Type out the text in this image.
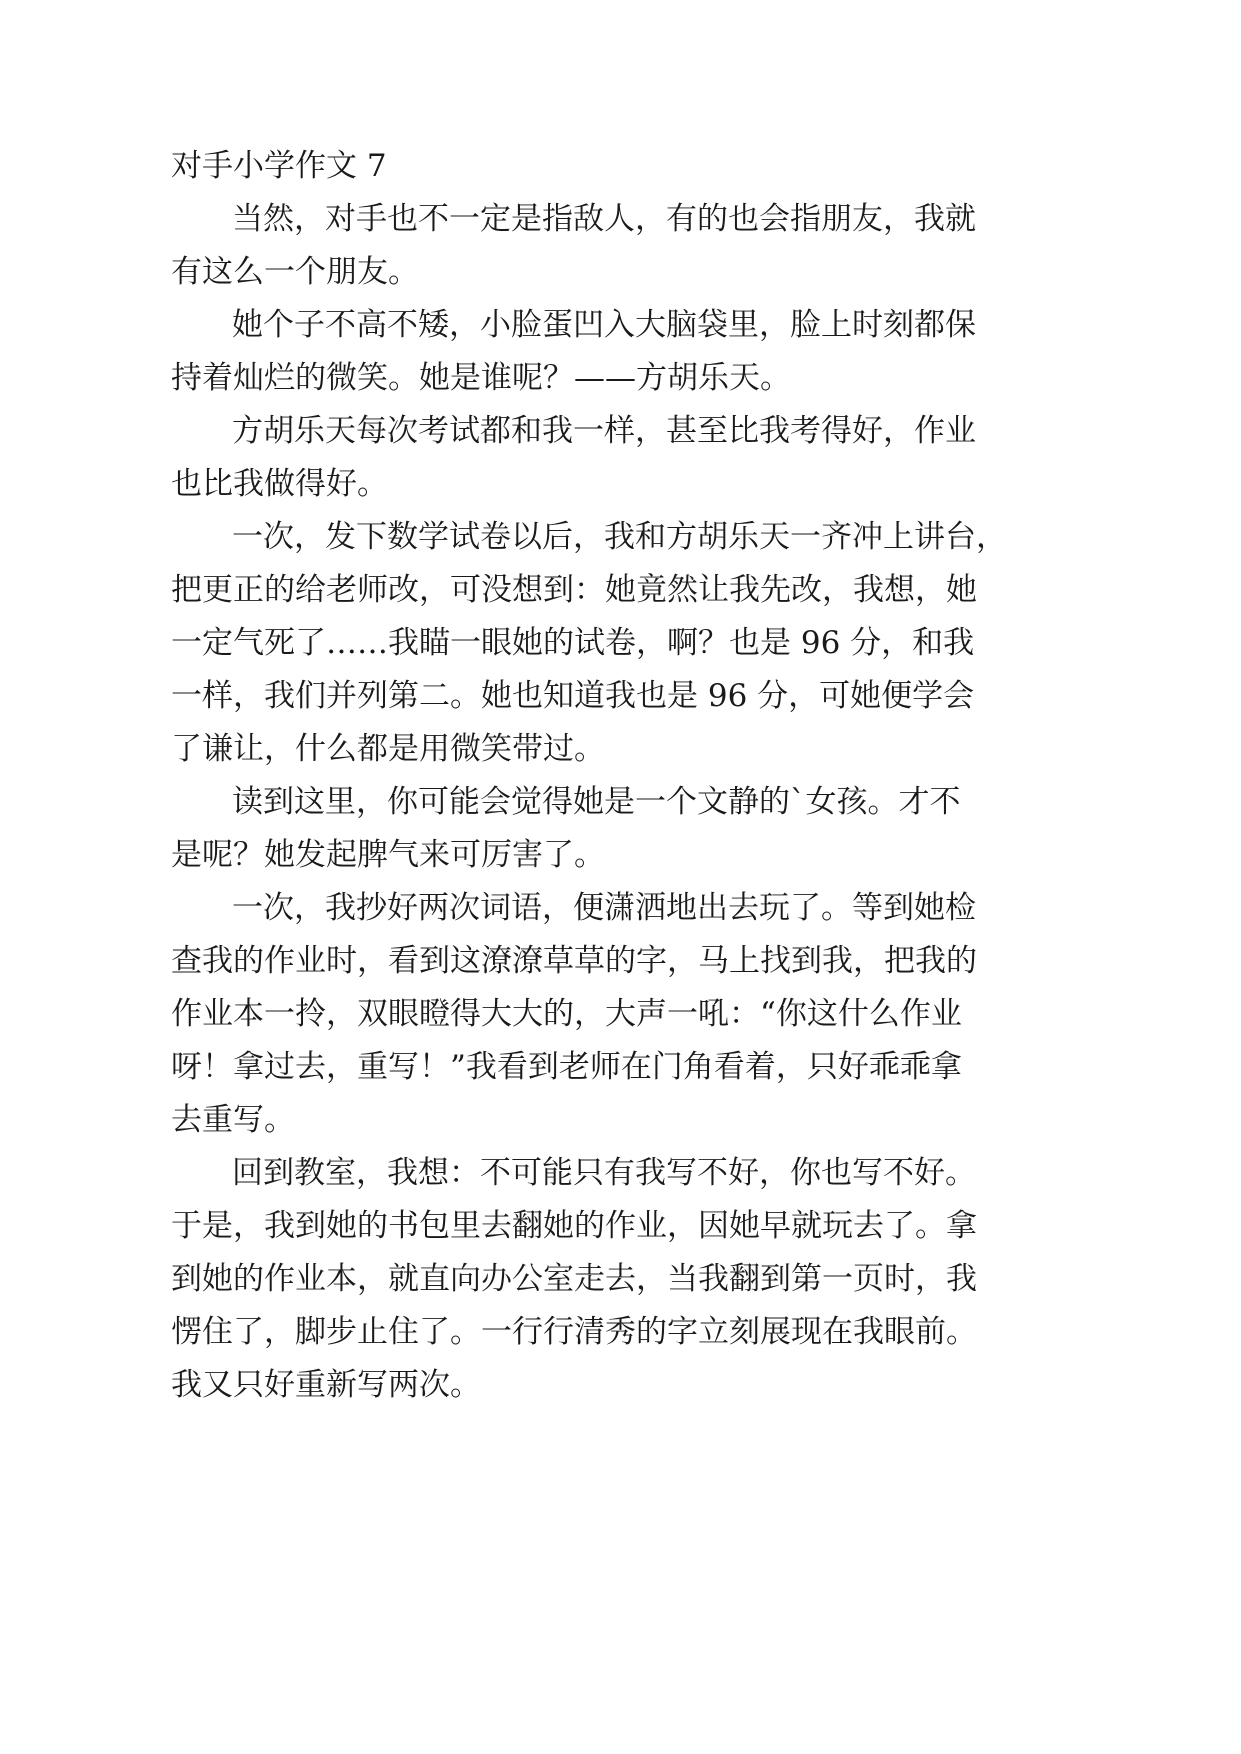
对手小学作文 7
当然，对手也不一定是指敌人，有的也会指朋友，我就
有这么一个朋友。
她个子不高不矮，小脸蛋凹入大脑袋里，脸上时刻都保
持着灿烂的微笑。她是谁呢？——方胡乐天。
方胡乐天每次考试都和我一样，甚至比我考得好，作业
也比我做得好。
一次，发下数学试卷以后，我和方胡乐天一齐冲上讲台，
把更正的给老师改，可没想到：她竟然让我先改，我想，她
一定气死了……我瞄一眼她的试卷，啊？也是 96 分，和我
一样，我们并列第二。她也知道我也是 96 分，可她便学会
了谦让，什么都是用微笑带过。
读到这里，你可能会觉得她是一个文静的`女孩。才不
是呢？她发起脾气来可厉害了。
一次，我抄好两次词语，便潇洒地出去玩了。等到她检
查我的作业时，看到这潦潦草草的字，马上找到我，把我的
作业本一拎，双眼瞪得大大的，大声一吼：“你这什么作业
呀！拿过去，重写！”我看到老师在门角看着，只好乖乖拿
去重写。
回到教室，我想：不可能只有我写不好，你也写不好。
于是，我到她的书包里去翻她的作业，因她早就玩去了。拿
到她的作业本，就直向办公室走去，当我翻到第一页时，我
愣住了，脚步止住了。一行行清秀的字立刻展现在我眼前。
我又只好重新写两次。
